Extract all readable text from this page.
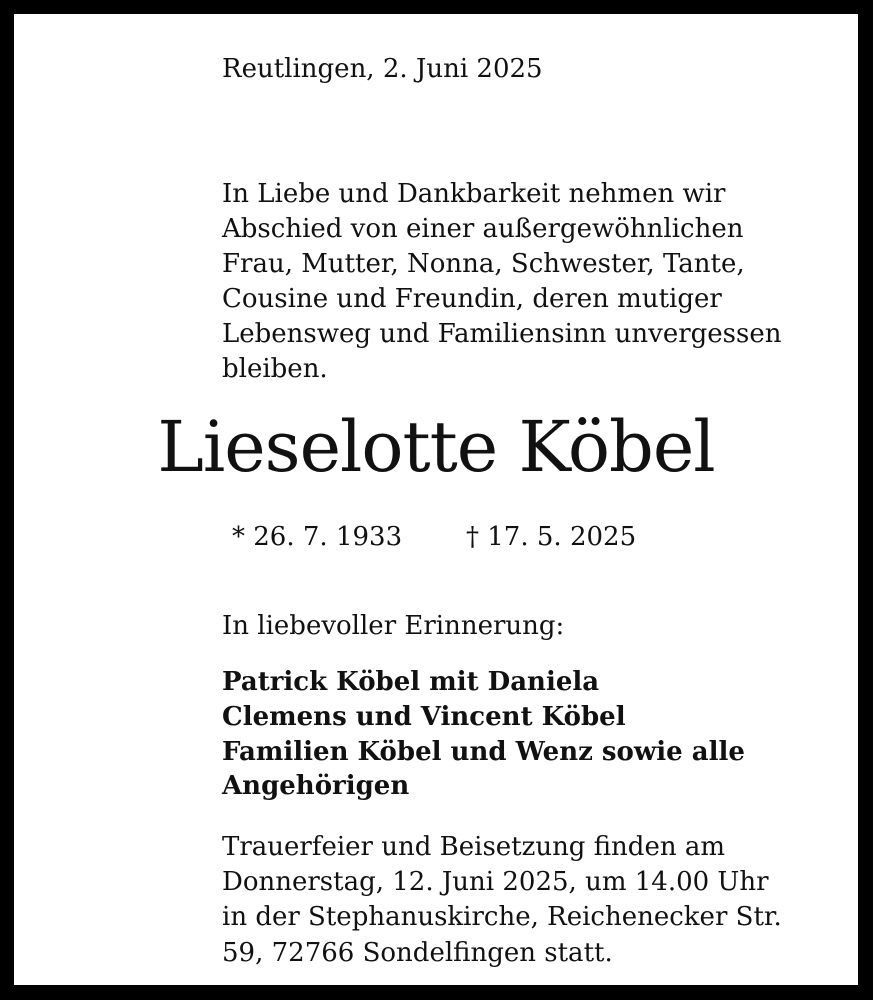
Reutlingen, 2. Juni 2025
In Liebe und Dankbarkeit nehmen wir
Abschied von einer außergewöhnlichen
Frau, Mutter, Nonna, Schwester, Tante,
Cousine und Freundin, deren mutiger
Lebensweg und Familiensinn unvergessen
bleiben.
Lieselotte Köbel
* 26. 7. 1933 † 17. 5. 2025
In liebevoller Erinnerung:
Patrick Köbel mit Daniela
Clemens und Vincent Köbel
Familien Köbel und Wenz sowie alle
Angehörigen
Trauerfeier und Beisetzung finden am
Donnerstag, 12. Juni 2025, um 14.00 Uhr
in der Stephanuskirche, Reichenecker Str.
59, 72766 Sondelfingen statt.
